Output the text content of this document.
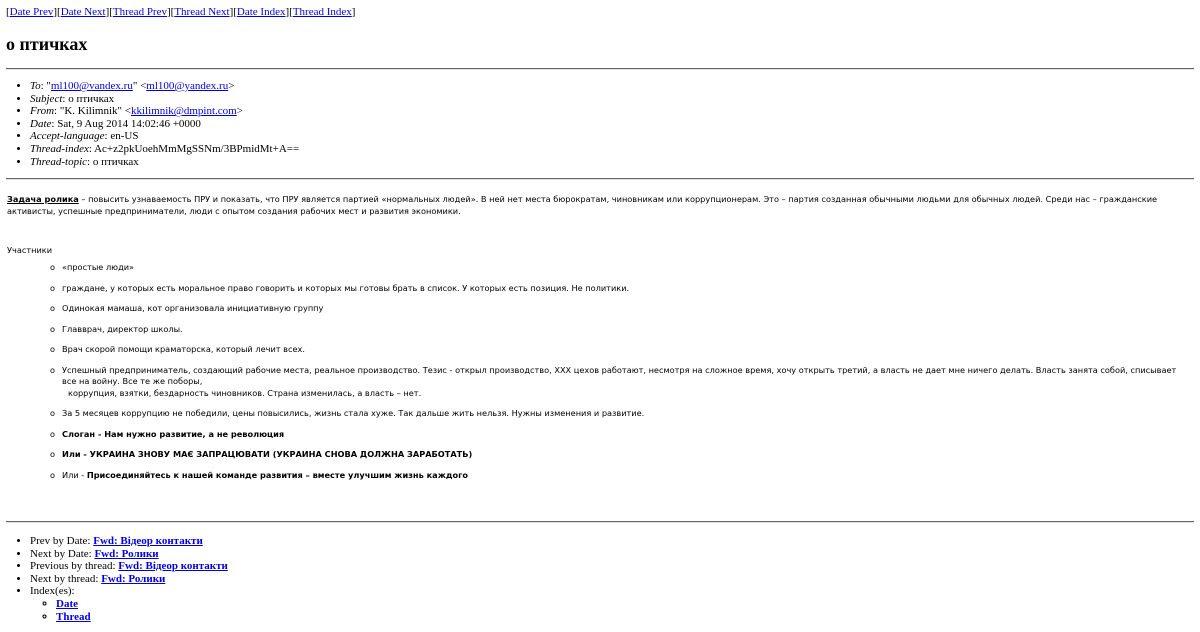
[Date Prev][Date Next][Thread Prev][Thread Next][Date Index][Thread Index]
о птичках
• To: "ml100@vandex.ru" <ml100@yandex.ru>
• Subject: о птичках
• From: "K. Kilimnik" <kkilimnik@dmpint.com>
• Date: Sat, 9 Aug 2014 14:02:46 +0000
• Accept-language: en-US
• Thread-index: Ac+z2pkUoehMmMgSSNm/3BPmidMt+A==
• Thread-topic: о птичках

Задача ролика – повысить узнаваемость ПРУ и показать, что ПРУ является партией «нормальных людей». В ней нет места бюрократам, чиновникам или коррупционерам. Это – партия созданная обычными людьми для обычных людей. Среди нас – гражданские активисты, успешные предприниматели, люди с опытом создания рабочих мест и развития экономики.

Участники
o «простые люди»
o граждане, у которых есть моральное право говорить и которых мы готовы брать в список. У которых есть позиция. Не политики.
o Одинокая мамаша, кот организовала инициативную группу
o Главврач, директор школы.
o Врач скорой помощи краматорска, который лечит всех.
o Успешный предприниматель, создающий рабочие места, реальное производство. Тезис - открыл производство, ХХХ цехов работают, несмотря на сложное время, хочу открыть третий, а власть не дает мне ничего делать. Власть занята собой, списывает все на войну. Все те же поборы,
коррупция, взятки, бездарность чиновников. Страна изменилась, а власть – нет.
o За 5 месяцев коррупцию не победили, цены повысились, жизнь стала хуже. Так дальше жить нельзя. Нужны изменения и развитие.
o Слоган - Нам нужно развитие, а не революция
o Или - УКРАИНА ЗНОВУ МАЄ ЗАПРАЦЮВАТИ (УКРАИНА СНОВА ДОЛЖНА ЗАРАБОТАТЬ)
o Или - Присоединяйтесь к нашей команде развития – вместе улучшим жизнь каждого
• Prev by Date: Fwd: Відеор контакти
• Next by Date: Fwd: Ролики
• Previous by thread: Fwd: Відеор контакти
• Next by thread: Fwd: Ролики
• Index(es):
◦ Date
◦ Thread
